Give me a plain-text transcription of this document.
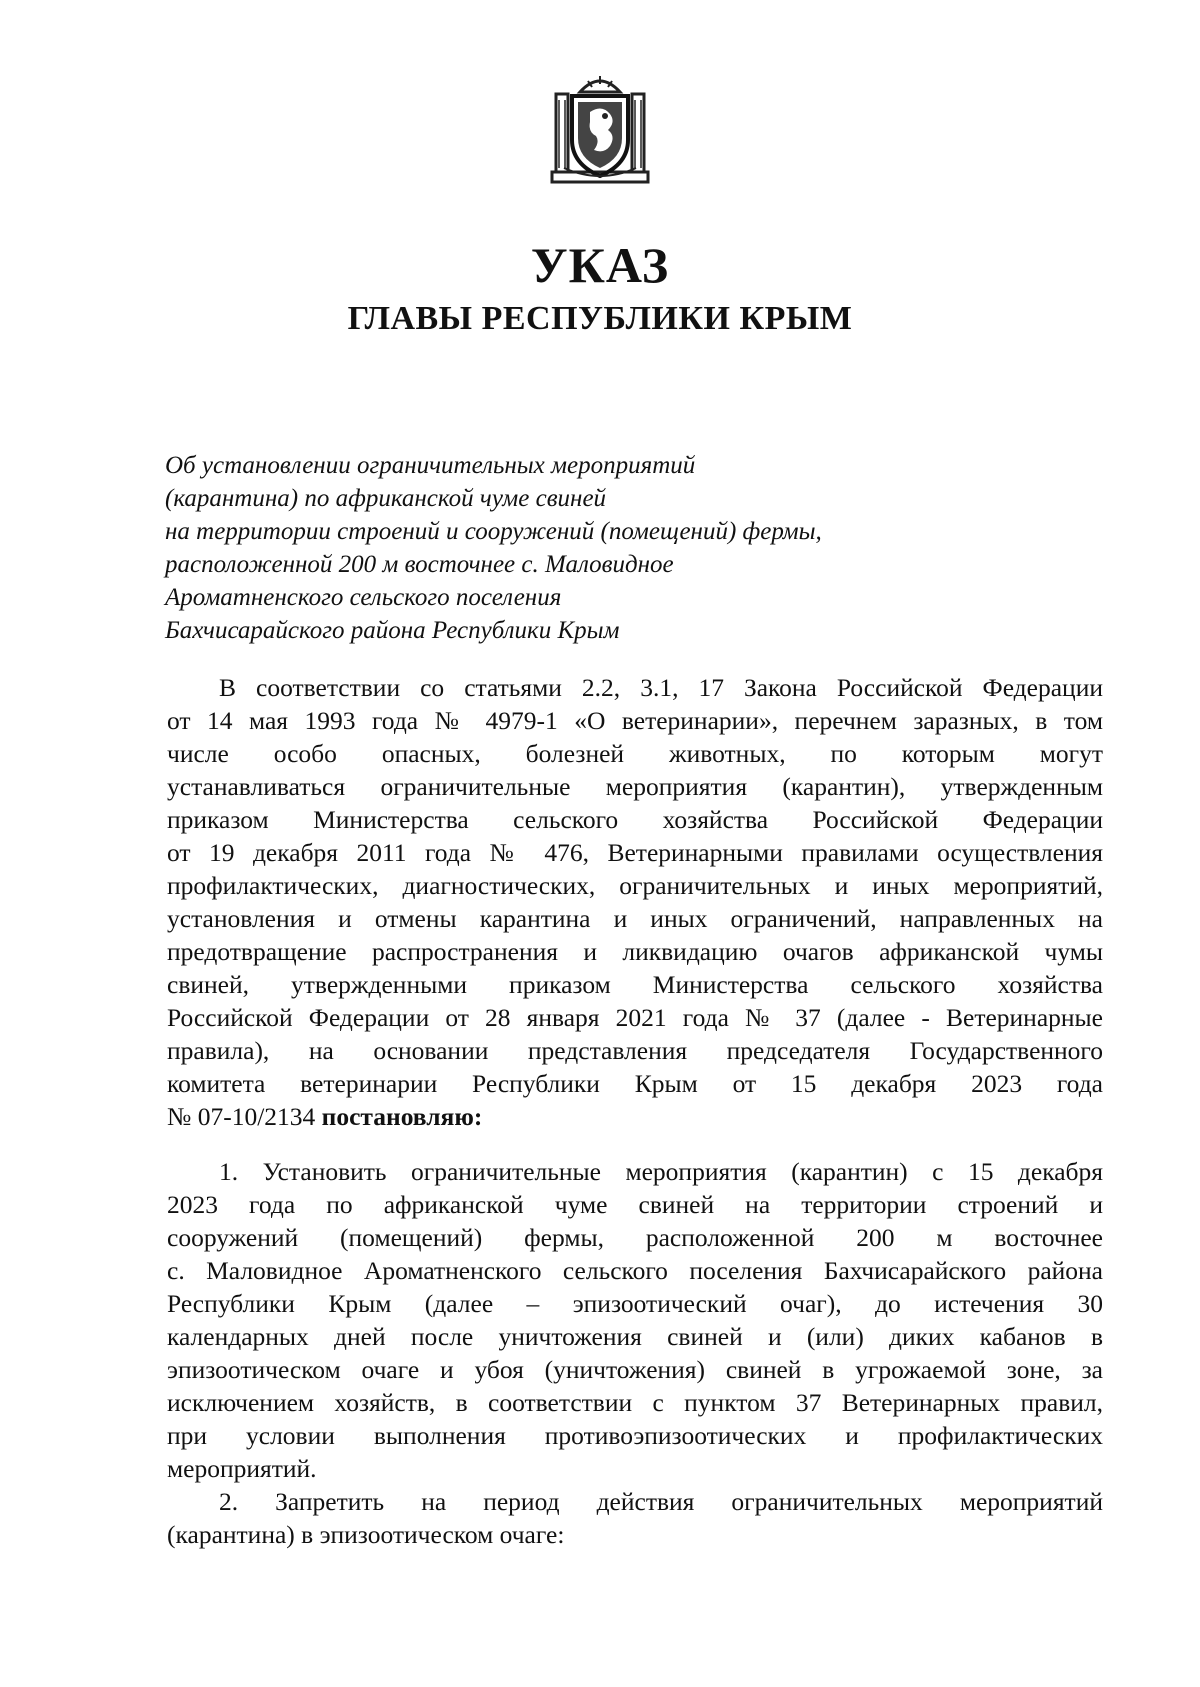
УКАЗ
ГЛАВЫ РЕСПУБЛИКИ КРЫМ
Об установлении ограничительных мероприятий
(карантина) по африканской чуме свиней
на территории строений и сооружений (помещений) фермы,
расположенной 200 м восточнее с. Маловидное
Ароматненского сельского поселения
Бахчисарайского района Республики Крым
В соответствии со статьями 2.2, 3.1, 17 Закона Российской Федерации
от 14 мая 1993 года № 4979-1 «О ветеринарии», перечнем заразных, в том
числе особо опасных, болезней животных, по которым могут
устанавливаться ограничительные мероприятия (карантин), утвержденным
приказом Министерства сельского хозяйства Российской Федерации
от 19 декабря 2011 года № 476, Ветеринарными правилами осуществления
профилактических, диагностических, ограничительных и иных мероприятий,
установления и отмены карантина и иных ограничений, направленных на
предотвращение распространения и ликвидацию очагов африканской чумы
свиней, утвержденными приказом Министерства сельского хозяйства
Российской Федерации от 28 января 2021 года № 37 (далее - Ветеринарные
правила), на основании представления председателя Государственного
комитета ветеринарии Республики Крым от 15 декабря 2023 года
№ 07-10/2134 постановляю:
1. Установить ограничительные мероприятия (карантин) с 15 декабря
2023 года по африканской чуме свиней на территории строений и
сооружений (помещений) фермы, расположенной 200 м восточнее
с. Маловидное Ароматненского сельского поселения Бахчисарайского района
Республики Крым (далее – эпизоотический очаг), до истечения 30
календарных дней после уничтожения свиней и (или) диких кабанов в
эпизоотическом очаге и убоя (уничтожения) свиней в угрожаемой зоне, за
исключением хозяйств, в соответствии с пунктом 37 Ветеринарных правил,
при условии выполнения противоэпизоотических и профилактических
мероприятий.
2. Запретить на период действия ограничительных мероприятий
(карантина) в эпизоотическом очаге:
